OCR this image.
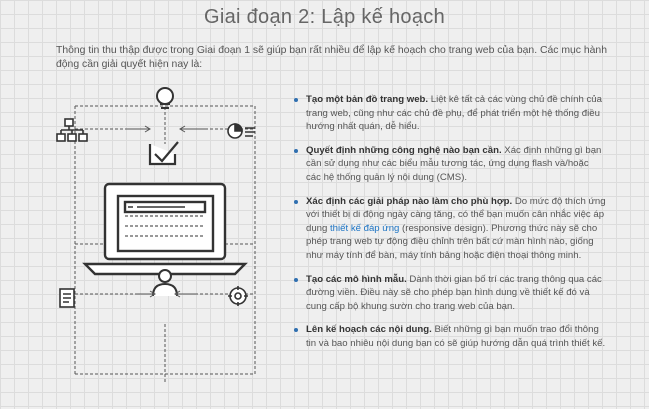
Giai đoạn 2: Lập kế hoạch
Thông tin thu thập được trong Giai đoạn 1 sẽ giúp bạn rất nhiều để lập kế hoạch cho trang web của bạn. Các mục hành động cần giải quyết hiện nay là:
Tạo một bản đồ trang web. Liệt kê tất cả các vùng chủ đề chính của trang web, cũng như các chủ đề phụ, để phát triển một hệ thống điều hướng nhất quán, dễ hiểu.
Quyết định những công nghệ nào bạn cần. Xác định những gì bạn cần sử dụng như các biểu mẫu tương tác, ứng dụng flash và/hoặc các hệ thống quản lý nội dung (CMS).
Xác định các giải pháp nào làm cho phù hợp. Do mức độ thích ứng với thiết bị di động ngày càng tăng, có thể bạn muốn cân nhắc việc áp dụng thiết kế đáp ứng (responsive design). Phương thức này sẽ cho phép trang web tự động điều chỉnh trên bất cứ màn hình nào, giống như máy tính để bàn, máy tính bảng hoặc điện thoại thông minh.
Tạo các mô hình mẫu. Dành thời gian bố trí các trang thông qua các đường viền. Điều này sẽ cho phép bạn hình dung về thiết kế đó và cung cấp bộ khung sườn cho trang web của bạn.
Lên kế hoạch các nội dung. Biết những gì bạn muốn trao đổi thông tin và bao nhiêu nội dung bạn có sẽ giúp hướng dẫn quá trình thiết kế.
